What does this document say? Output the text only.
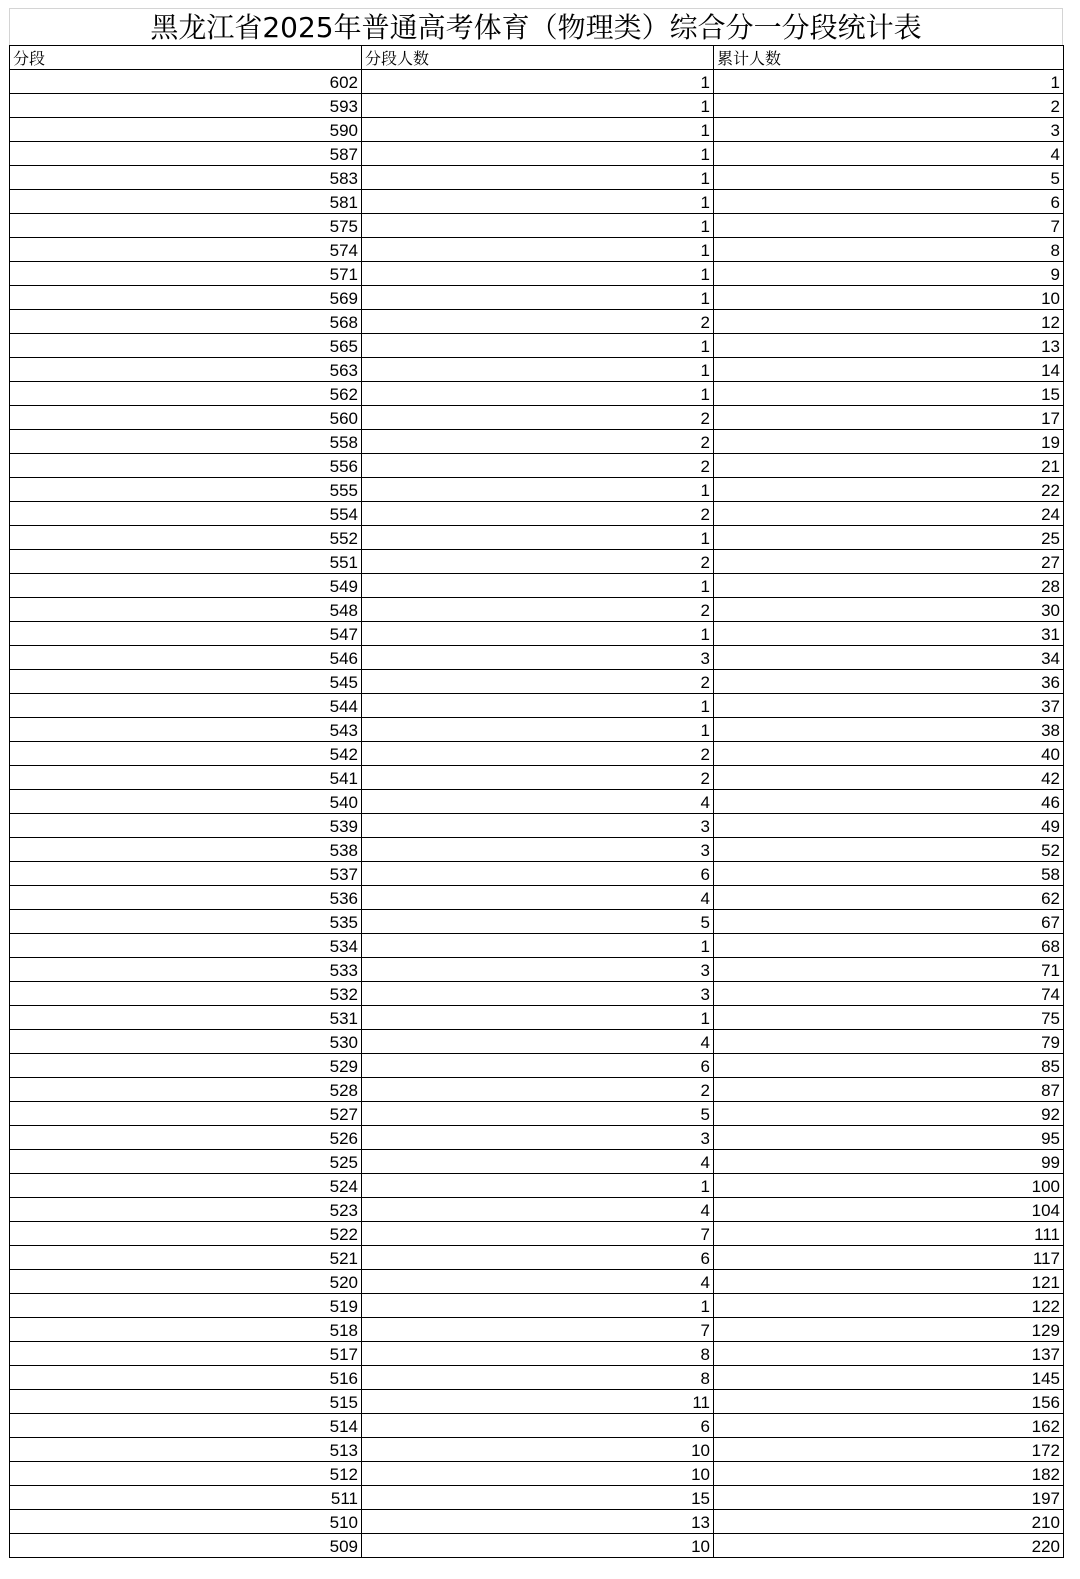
黑龙江省2025年普通高考体育（物理类）综合分一分段统计表
分段	分段人数	累计人数
602	1	1
593	1	2
590	1	3
587	1	4
583	1	5
581	1	6
575	1	7
574	1	8
571	1	9
569	1	10
568	2	12
565	1	13
563	1	14
562	1	15
560	2	17
558	2	19
556	2	21
555	1	22
554	2	24
552	1	25
551	2	27
549	1	28
548	2	30
547	1	31
546	3	34
545	2	36
544	1	37
543	1	38
542	2	40
541	2	42
540	4	46
539	3	49
538	3	52
537	6	58
536	4	62
535	5	67
534	1	68
533	3	71
532	3	74
531	1	75
530	4	79
529	6	85
528	2	87
527	5	92
526	3	95
525	4	99
524	1	100
523	4	104
522	7	111
521	6	117
520	4	121
519	1	122
518	7	129
517	8	137
516	8	145
515	11	156
514	6	162
513	10	172
512	10	182
511	15	197
510	13	210
509	10	220
